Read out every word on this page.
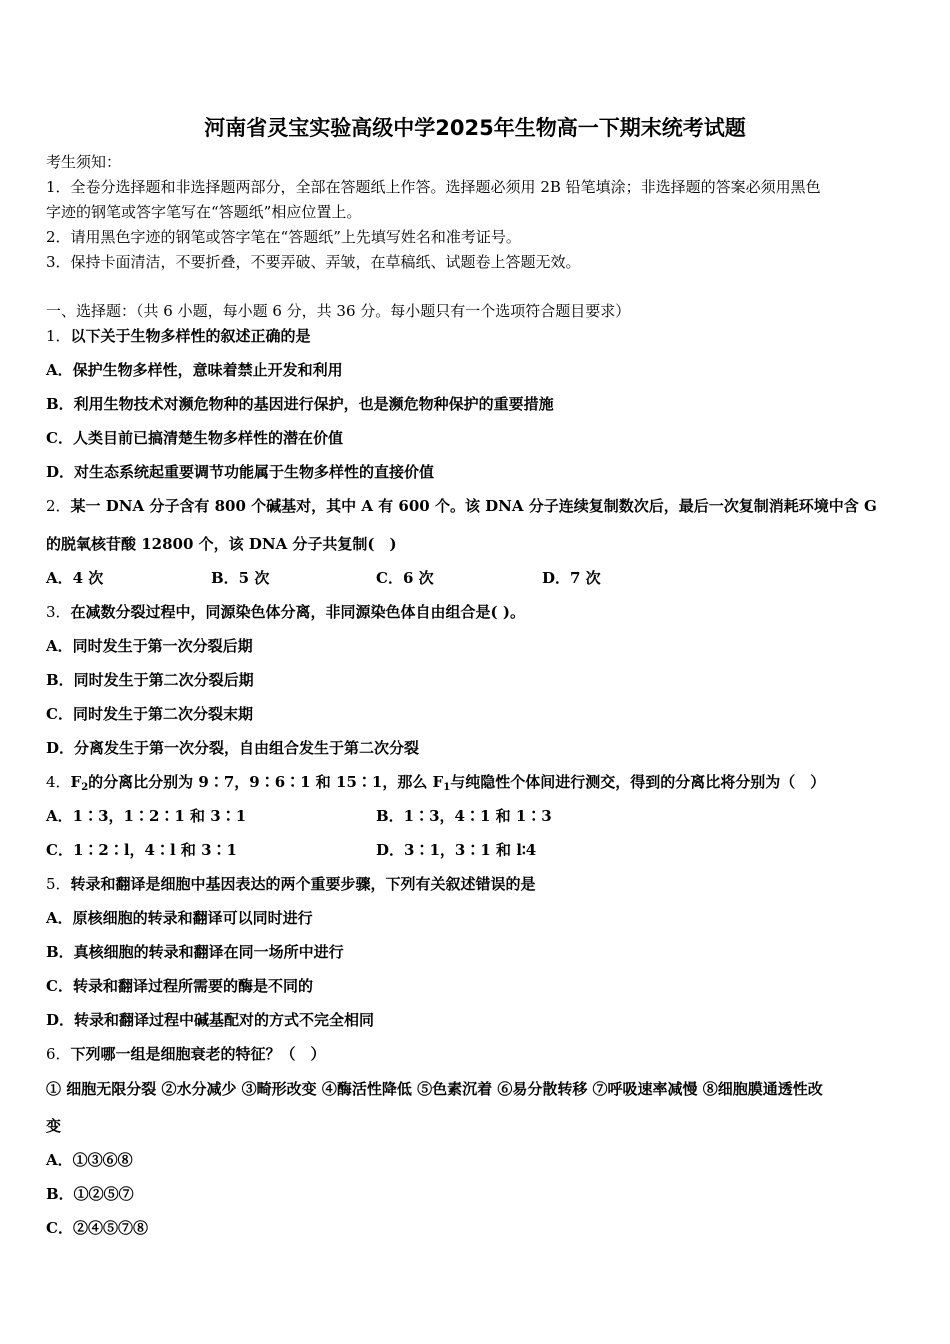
河南省灵宝实验高级中学2025年生物高一下期末统考试题
考生须知：
1．全卷分选择题和非选择题两部分，全部在答题纸上作答。选择题必须用 2B 铅笔填涂；非选择题的答案必须用黑色
字迹的钢笔或答字笔写在“答题纸”相应位置上。
2．请用黑色字迹的钢笔或答字笔在“答题纸”上先填写姓名和准考证号。
3．保持卡面清洁，不要折叠，不要弄破、弄皱，在草稿纸、试题卷上答题无效。
一、选择题：（共 6 小题，每小题 6 分，共 36 分。每小题只有一个选项符合题目要求）
1．以下关于生物多样性的叙述正确的是
A．保护生物多样性，意味着禁止开发和利用
B．利用生物技术对濒危物种的基因进行保护，也是濒危物种保护的重要措施
C．人类目前已搞清楚生物多样性的潜在价值
D．对生态系统起重要调节功能属于生物多样性的直接价值
2．某一 DNA 分子含有 800 个碱基对，其中 A 有 600 个。该 DNA 分子连续复制数次后，最后一次复制消耗环境中含 G
的脱氧核苷酸 12800 个，该 DNA 分子共复制(　)
A．4 次	B．5 次	C．6 次	D．7 次
3．在减数分裂过程中，同源染色体分离，非同源染色体自由组合是( )。
A．同时发生于第一次分裂后期
B．同时发生于第二次分裂后期
C．同时发生于第二次分裂末期
D．分离发生于第一次分裂，自由组合发生于第二次分裂
4．$F_2$的分离比分别为 9∶7，9∶6∶1 和 15∶1，那么 $F_1$与纯隐性个体间进行测交，得到的分离比将分别为（　）
A．1∶3，1∶2∶1 和 3∶1	B．1∶3，4∶1 和 1∶3
C．1∶2∶l，4∶l 和 3∶1	D．3∶1，3∶1 和 l∶4
5．转录和翻译是细胞中基因表达的两个重要步骤，下列有关叙述错误的是
A．原核细胞的转录和翻译可以同时进行
B．真核细胞的转录和翻译在同一场所中进行
C．转录和翻译过程所需要的酶是不同的
D．转录和翻译过程中碱基配对的方式不完全相同
6．下列哪一组是细胞衰老的特征？（　）
① 细胞无限分裂 ②水分减少 ③畸形改变 ④酶活性降低 ⑤色素沉着 ⑥易分散转移 ⑦呼吸速率减慢 ⑧细胞膜通透性改
变
A．①③⑥⑧
B．①②⑤⑦
C．②④⑤⑦⑧
